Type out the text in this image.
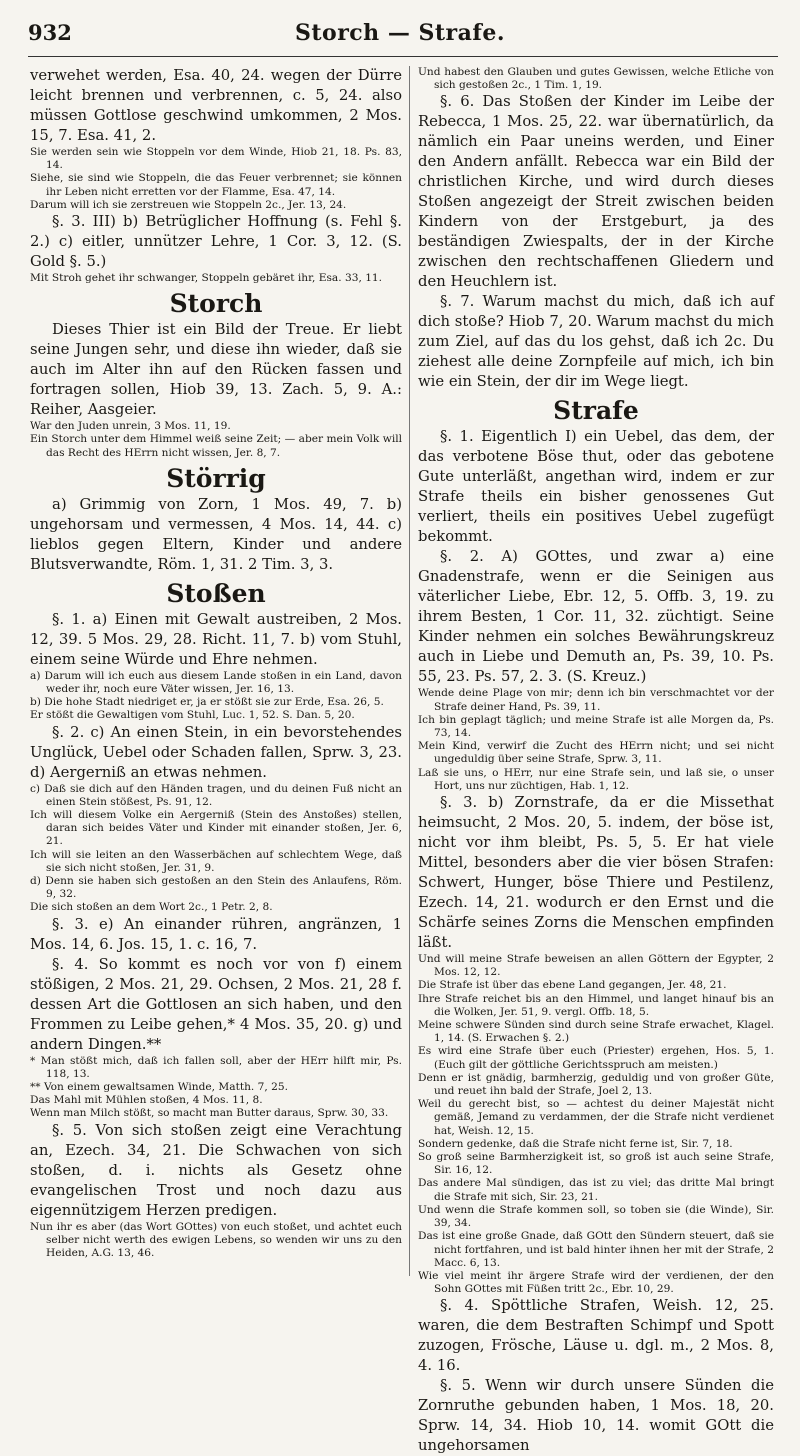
932	Storch — Strafe.

verwehet werden, Esa. 40, 24. wegen der Dürre leicht brennen und verbrennen, c. 5, 24. also müssen Gottlose geschwind umkommen, 2 Mos. 15, 7. Esa. 41, 2.

Sie werden sein wie Stoppeln vor dem Winde, Hiob 21, 18. Ps. 83, 14.

Siehe, sie sind wie Stoppeln, die das Feuer verbrennet; sie können ihr Leben nicht erretten vor der Flamme, Esa. 47, 14.

Darum will ich sie zerstreuen wie Stoppeln 2c., Jer. 13, 24.

§. 3. III) b) Betrüglicher Hoffnung (s. Fehl §. 2.) c) eitler, unnützer Lehre, 1 Cor. 3, 12. (S. Gold §. 5.)

Mit Stroh gehet ihr schwanger, Stoppeln gebäret ihr, Esa. 33, 11.

Storch

Dieses Thier ist ein Bild der Treue. Er liebt seine Jungen sehr, und diese ihn wieder, daß sie auch im Alter ihn auf den Rücken fassen und fortragen sollen, Hiob 39, 13. Zach. 5, 9. A.: Reiher, Aasgeier.

War den Juden unrein, 3 Mos. 11, 19.

Ein Storch unter dem Himmel weiß seine Zeit; — aber mein Volk will das Recht des HErrn nicht wissen, Jer. 8, 7.

Störrig

a) Grimmig von Zorn, 1 Mos. 49, 7. b) ungehorsam und vermessen, 4 Mos. 14, 44. c) lieblos gegen Eltern, Kinder und andere Blutsverwandte, Röm. 1, 31. 2 Tim. 3, 3.

Stoßen

§. 1. a) Einen mit Gewalt austreiben, 2 Mos. 12, 39. 5 Mos. 29, 28. Richt. 11, 7. b) vom Stuhl, einem seine Würde und Ehre nehmen.

a) Darum will ich euch aus diesem Lande stoßen in ein Land, davon weder ihr, noch eure Väter wissen, Jer. 16, 13.

b) Die hohe Stadt niedriget er, ja er stößt sie zur Erde, Esa. 26, 5.

Er stößt die Gewaltigen vom Stuhl, Luc. 1, 52. S. Dan. 5, 20.

§. 2. c) An einen Stein, in ein bevorstehendes Unglück, Uebel oder Schaden fallen, Sprw. 3, 23. d) Aergerniß an etwas nehmen.

c) Daß sie dich auf den Händen tragen, und du deinen Fuß nicht an einen Stein stößest, Ps. 91, 12.

Ich will diesem Volke ein Aergerniß (Stein des Anstoßes) stellen, daran sich beides Väter und Kinder mit einander stoßen, Jer. 6, 21.

Ich will sie leiten an den Wasserbächen auf schlechtem Wege, daß sie sich nicht stoßen, Jer. 31, 9.

d) Denn sie haben sich gestoßen an den Stein des Anlaufens, Röm. 9, 32.

Die sich stoßen an dem Wort 2c., 1 Petr. 2, 8.

§. 3. e) An einander rühren, angränzen, 1 Mos. 14, 6. Jos. 15, 1. c. 16, 7.

§. 4. So kommt es noch vor von f) einem stößigen, 2 Mos. 21, 29. Ochsen, 2 Mos. 21, 28 f. dessen Art die Gottlosen an sich haben, und den Frommen zu Leibe gehen,* 4 Mos. 35, 20. g) und andern Dingen.**

* Man stößt mich, daß ich fallen soll, aber der HErr hilft mir, Ps. 118, 13.

** Von einem gewaltsamen Winde, Matth. 7, 25.

Das Mahl mit Mühlen stoßen, 4 Mos. 11, 8.

Wenn man Milch stößt, so macht man Butter daraus, Sprw. 30, 33.

§. 5. Von sich stoßen zeigt eine Verachtung an, Ezech. 34, 21. Die Schwachen von sich stoßen, d. i. nichts als Gesetz ohne evangelischen Trost und noch dazu aus eigennützigem Herzen predigen.

Nun ihr es aber (das Wort GOttes) von euch stoßet, und achtet euch selber nicht werth des ewigen Lebens, so wenden wir uns zu den Heiden, A.G. 13, 46.

Und habest den Glauben und gutes Gewissen, welche Etliche von sich gestoßen 2c., 1 Tim. 1, 19.

§. 6. Das Stoßen der Kinder im Leibe der Rebecca, 1 Mos. 25, 22. war übernatürlich, da nämlich ein Paar uneins werden, und Einer den Andern anfällt. Rebecca war ein Bild der christlichen Kirche, und wird durch dieses Stoßen angezeigt der Streit zwischen beiden Kindern von der Erstgeburt, ja des beständigen Zwiespalts, der in der Kirche zwischen den rechtschaffenen Gliedern und den Heuchlern ist.

§. 7. Warum machst du mich, daß ich auf dich stoße? Hiob 7, 20. Warum machst du mich zum Ziel, auf das du los gehst, daß ich 2c. Du ziehest alle deine Zornpfeile auf mich, ich bin wie ein Stein, der dir im Wege liegt.

Strafe

§. 1. Eigentlich I) ein Uebel, das dem, der das verbotene Böse thut, oder das gebotene Gute unterläßt, angethan wird, indem er zur Strafe theils ein bisher genossenes Gut verliert, theils ein positives Uebel zugefügt bekommt.

§. 2. A) GOttes, und zwar a) eine Gnadenstrafe, wenn er die Seinigen aus väterlicher Liebe, Ebr. 12, 5. Offb. 3, 19. zu ihrem Besten, 1 Cor. 11, 32. züchtigt. Seine Kinder nehmen ein solches Bewährungskreuz auch in Liebe und Demuth an, Ps. 39, 10. Ps. 55, 23. Ps. 57, 2. 3. (S. Kreuz.)

Wende deine Plage von mir; denn ich bin verschmachtet vor der Strafe deiner Hand, Ps. 39, 11.

Ich bin geplagt täglich; und meine Strafe ist alle Morgen da, Ps. 73, 14.

Mein Kind, verwirf die Zucht des HErrn nicht; und sei nicht ungeduldig über seine Strafe, Sprw. 3, 11.

Laß sie uns, o HErr, nur eine Strafe sein, und laß sie, o unser Hort, uns nur züchtigen, Hab. 1, 12.

§. 3. b) Zornstrafe, da er die Missethat heimsucht, 2 Mos. 20, 5. indem, der böse ist, nicht vor ihm bleibt, Ps. 5, 5. Er hat viele Mittel, besonders aber die vier bösen Strafen: Schwert, Hunger, böse Thiere und Pestilenz, Ezech. 14, 21. wodurch er den Ernst und die Schärfe seines Zorns die Menschen empfinden läßt.

Und will meine Strafe beweisen an allen Göttern der Egypter, 2 Mos. 12, 12.

Die Strafe ist über das ebene Land gegangen, Jer. 48, 21.

Ihre Strafe reichet bis an den Himmel, und langet hinauf bis an die Wolken, Jer. 51, 9. vergl. Offb. 18, 5.

Meine schwere Sünden sind durch seine Strafe erwachet, Klagel. 1, 14. (S. Erwachen §. 2.)

Es wird eine Strafe über euch (Priester) ergehen, Hos. 5, 1. (Euch gilt der göttliche Gerichtsspruch am meisten.)

Denn er ist gnädig, barmherzig, geduldig und von großer Güte, und reuet ihn bald der Strafe, Joel 2, 13.

Weil du gerecht bist, so — achtest du deiner Majestät nicht gemäß, Jemand zu verdammen, der die Strafe nicht verdienet hat, Weish. 12, 15.

Sondern gedenke, daß die Strafe nicht ferne ist, Sir. 7, 18.

So groß seine Barmherzigkeit ist, so groß ist auch seine Strafe, Sir. 16, 12.

Das andere Mal sündigen, das ist zu viel; das dritte Mal bringt die Strafe mit sich, Sir. 23, 21.

Und wenn die Strafe kommen soll, so toben sie (die Winde), Sir. 39, 34.

Das ist eine große Gnade, daß GOtt den Sündern steuert, daß sie nicht fortfahren, und ist bald hinter ihnen her mit der Strafe, 2 Macc. 6, 13.

Wie viel meint ihr ärgere Strafe wird der verdienen, der den Sohn GOttes mit Füßen tritt 2c., Ebr. 10, 29.

§. 4. Spöttliche Strafen, Weish. 12, 25. waren, die dem Bestraften Schimpf und Spott zuzogen, Frösche, Läuse u. dgl. m., 2 Mos. 8, 4. 16.

§. 5. Wenn wir durch unsere Sünden die Zornruthe gebunden haben, 1 Mos. 18, 20. Sprw. 14, 34. Hiob 10, 14. womit GOtt die ungehorsamen
